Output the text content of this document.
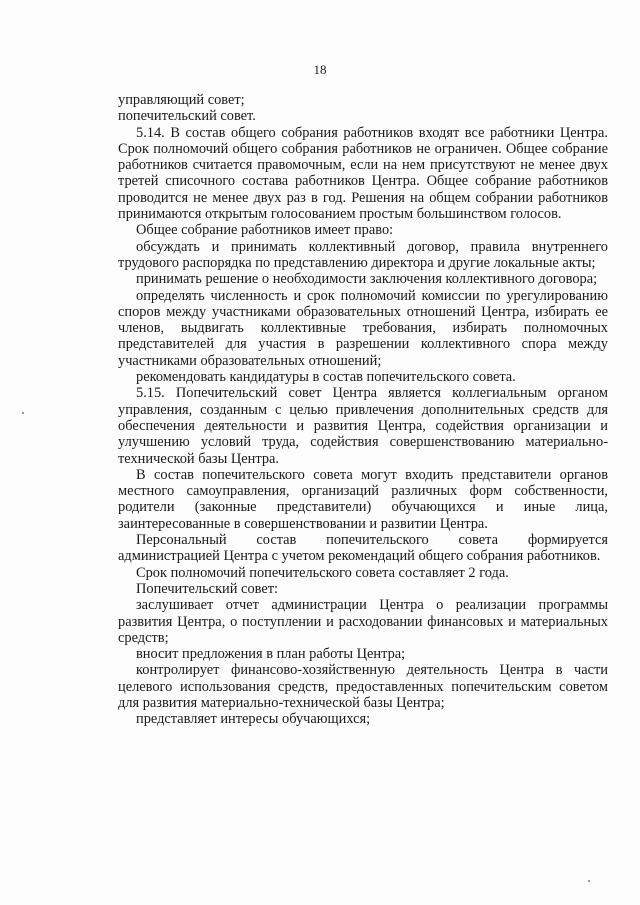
18

управляющий совет;

попечительский совет.

5.14. В состав общего собрания работников входят все работники Центра. Срок полномочий общего собрания работников не ограничен. Общее собрание работников считается правомочным, если на нем присутствуют не менее двух третей списочного состава работников Центра. Общее собрание работников проводится не менее двух раз в год. Решения на общем собрании работников принимаются открытым голосованием простым большинством голосов.

Общее собрание работников имеет право:

обсуждать и принимать коллективный договор, правила внутреннего трудового распорядка по представлению директора и другие локальные акты;

принимать решение о необходимости заключения коллективного договора;

определять численность и срок полномочий комиссии по урегулированию споров между участниками образовательных отношений Центра, избирать ее членов, выдвигать коллективные требования, избирать полномочных представителей для участия в разрешении коллективного спора между участниками образовательных отношений;

рекомендовать кандидатуры в состав попечительского совета.

5.15. Попечительский совет Центра является коллегиальным органом управления, созданным с целью привлечения дополнительных средств для обеспечения деятельности и развития Центра, содействия организации и улучшению условий труда, содействия совершенствованию материально-технической базы Центра.

В состав попечительского совета могут входить представители органов местного самоуправления, организаций различных форм собственности, родители (законные представители) обучающихся и иные лица, заинтересованные в совершенствовании и развитии Центра.

Персональный состав попечительского совета формируется администрацией Центра с учетом рекомендаций общего собрания работников.

Срок полномочий попечительского совета составляет 2 года.

Попечительский совет:

заслушивает отчет администрации Центра о реализации программы развития Центра, о поступлении и расходовании финансовых и материальных средств;

вносит предложения в план работы Центра;

контролирует финансово-хозяйственную деятельность Центра в части целевого использования средств, предоставленных попечительским советом для развития материально-технической базы Центра;

представляет интересы обучающихся;
